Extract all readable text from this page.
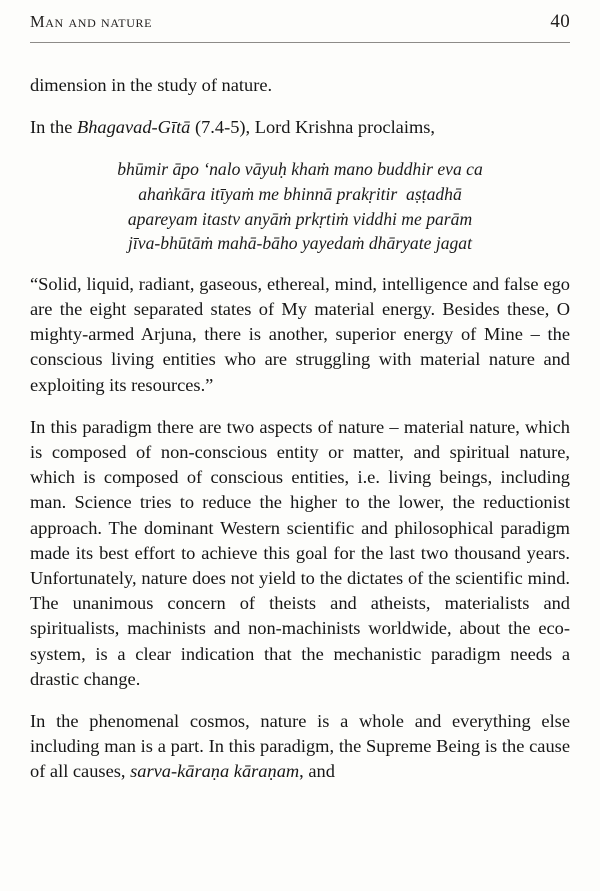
Man and nature	40

dimension in the study of nature.

In the Bhagavad-Gītā (7.4-5), Lord Krishna proclaims,

bhūmir āpo ‘nalo vāyuḥ khaṁ mano buddhir eva ca
ahaṅkāra itīyaṁ me bhinnā prakṛitir  aṣṭadhā
apareyam itastv anyāṁ prkṛtiṁ viddhi me parām
jīva-bhūtāṁ mahā-bāho yayedaṁ dhāryate jagat

“Solid, liquid, radiant, gaseous, ethereal, mind, intelligence and false ego are the eight separated states of My material energy. Besides these, O mighty-armed Arjuna, there is another, superior energy of Mine – the conscious living entities who are struggling with material nature and exploiting its resources.”

In this paradigm there are two aspects of nature – material nature, which is composed of non-conscious entity or matter, and spiritual nature, which is composed of conscious entities, i.e. living beings, including man. Science tries to reduce the higher to the lower, the reductionist approach. The dominant Western scientific and philosophical paradigm made its best effort to achieve this goal for the last two thousand years. Unfortunately, nature does not yield to the dictates of the scientific mind. The unanimous concern of theists and atheists, materialists and spiritualists, machinists and non-machinists worldwide, about the eco-system, is a clear indication that the mechanistic paradigm needs a drastic change.

In the phenomenal cosmos, nature is a whole and everything else including man is a part. In this paradigm, the Supreme Being is the cause of all causes, sarva-kāraṇa kāraṇam, and
